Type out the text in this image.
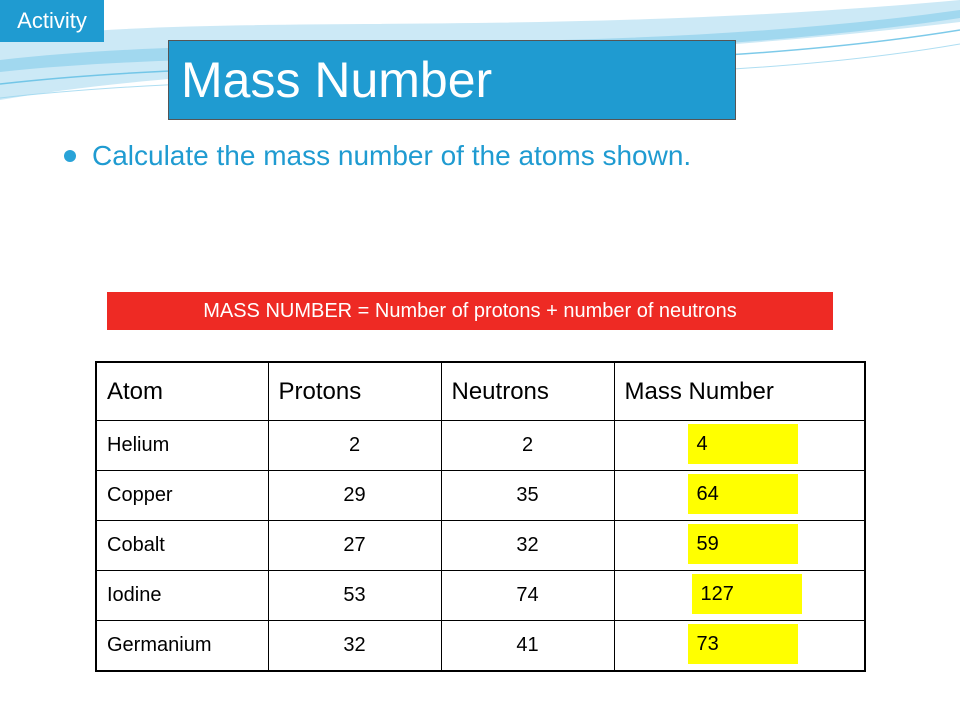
Activity
Mass Number
Calculate the mass number of the atoms shown.
MASS NUMBER = Number of protons + number of neutrons
Atom	Protons	Neutrons	Mass Number
Helium	2	2	4

Copper	29	35	64

Cobalt	27	32	59

Iodine	53	74	127

Germanium	32	41	73
